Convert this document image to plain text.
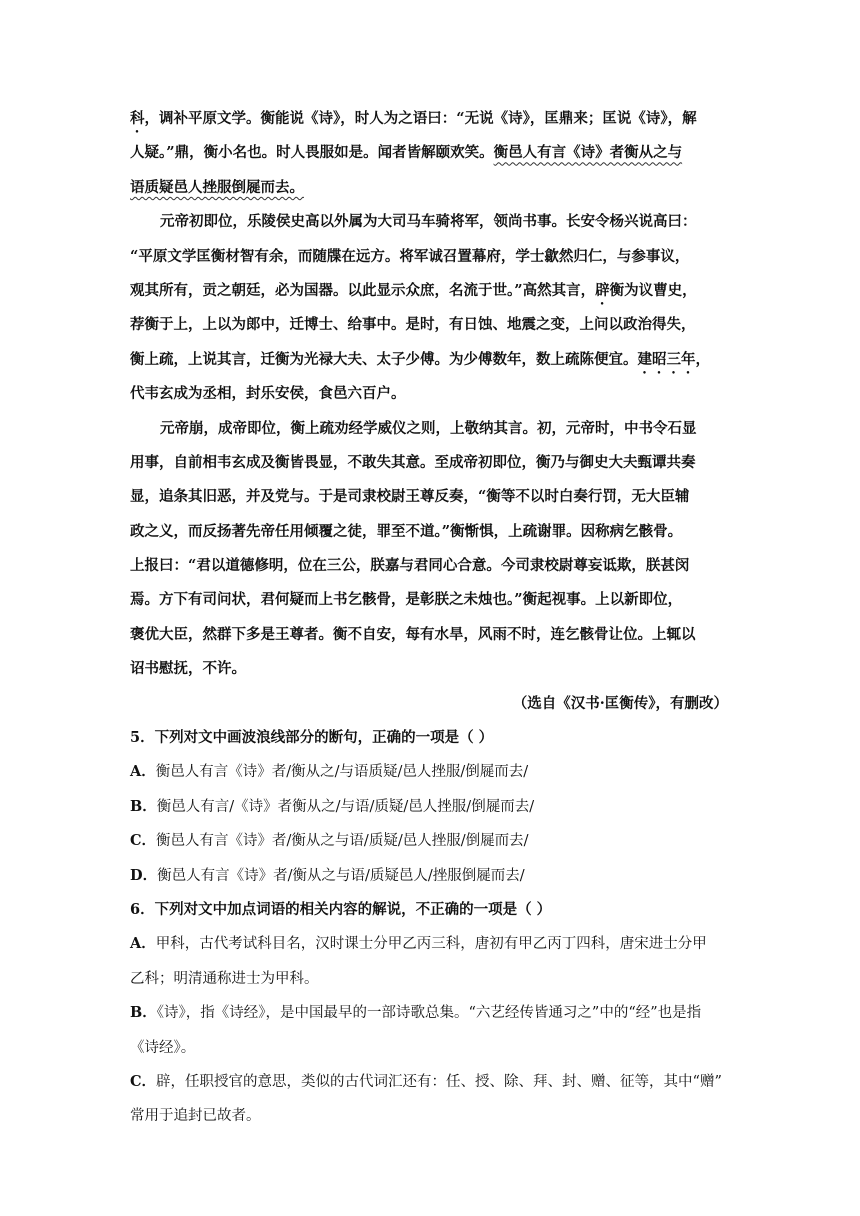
科，调补平原文学。衡能说《诗》，时人为之语曰：“无说《诗》，匡鼎来；匡说《诗》，解
人疑。”鼎，衡小名也。时人畏服如是。闻者皆解颐欢笑。衡邑人有言《诗》者衡从之与
语质疑邑人挫服倒屣而去。
元帝初即位，乐陵侯史高以外属为大司马车骑将军，领尚书事。长安令杨兴说高曰：
“平原文学匡衡材智有余，而随牒在远方。将军诚召置幕府，学士歙然归仁，与参事议，
观其所有，贡之朝廷，必为国器。以此显示众庶，名流于世。”高然其言，辟衡为议曹史，
荐衡于上，上以为郎中，迁博士、给事中。是时，有日蚀、地震之变，上问以政治得失，
衡上疏，上说其言，迁衡为光禄大夫、太子少傅。为少傅数年，数上疏陈便宜。建昭三年，
代韦玄成为丞相，封乐安侯，食邑六百户。
元帝崩，成帝即位，衡上疏劝经学威仪之则，上敬纳其言。初，元帝时，中书令石显
用事，自前相韦玄成及衡皆畏显，不敢失其意。至成帝初即位，衡乃与御史大夫甄谭共奏
显，追条其旧恶，并及党与。于是司隶校尉王尊反奏，“衡等不以时白奏行罚，无大臣辅
政之义，而反扬著先帝任用倾覆之徒，罪至不道。”衡惭惧，上疏谢罪。因称病乞骸骨。
上报曰：“君以道德修明，位在三公，朕嘉与君同心合意。今司隶校尉尊妄诋欺，朕甚闵
焉。方下有司问状，君何疑而上书乞骸骨，是彰朕之未烛也。”衡起视事。上以新即位，
褒优大臣，然群下多是王尊者。衡不自安，每有水旱，风雨不时，连乞骸骨让位。上辄以
诏书慰抚，不许。
（选自《汉书·匡衡传》，有删改）
5．下列对文中画波浪线部分的断句，正确的一项是（ ）
A．衡邑人有言《诗》者/衡从之/与语质疑/邑人挫服/倒屣而去/
B．衡邑人有言/《诗》者衡从之/与语/质疑/邑人挫服/倒屣而去/
C．衡邑人有言《诗》者/衡从之与语/质疑/邑人挫服/倒屣而去/
D．衡邑人有言《诗》者/衡从之与语/质疑邑人/挫服倒屣而去/
6．下列对文中加点词语的相关内容的解说，不正确的一项是（ ）
A．甲科，古代考试科目名，汉时课士分甲乙丙三科，唐初有甲乙丙丁四科，唐宋进士分甲
乙科；明清通称进士为甲科。
B．《诗》，指《诗经》，是中国最早的一部诗歌总集。“六艺经传皆通习之”中的“经”也是指
《诗经》。
C．辟，任职授官的意思，类似的古代词汇还有：任、授、除、拜、封、赠、征等，其中“赠”
常用于追封已故者。
